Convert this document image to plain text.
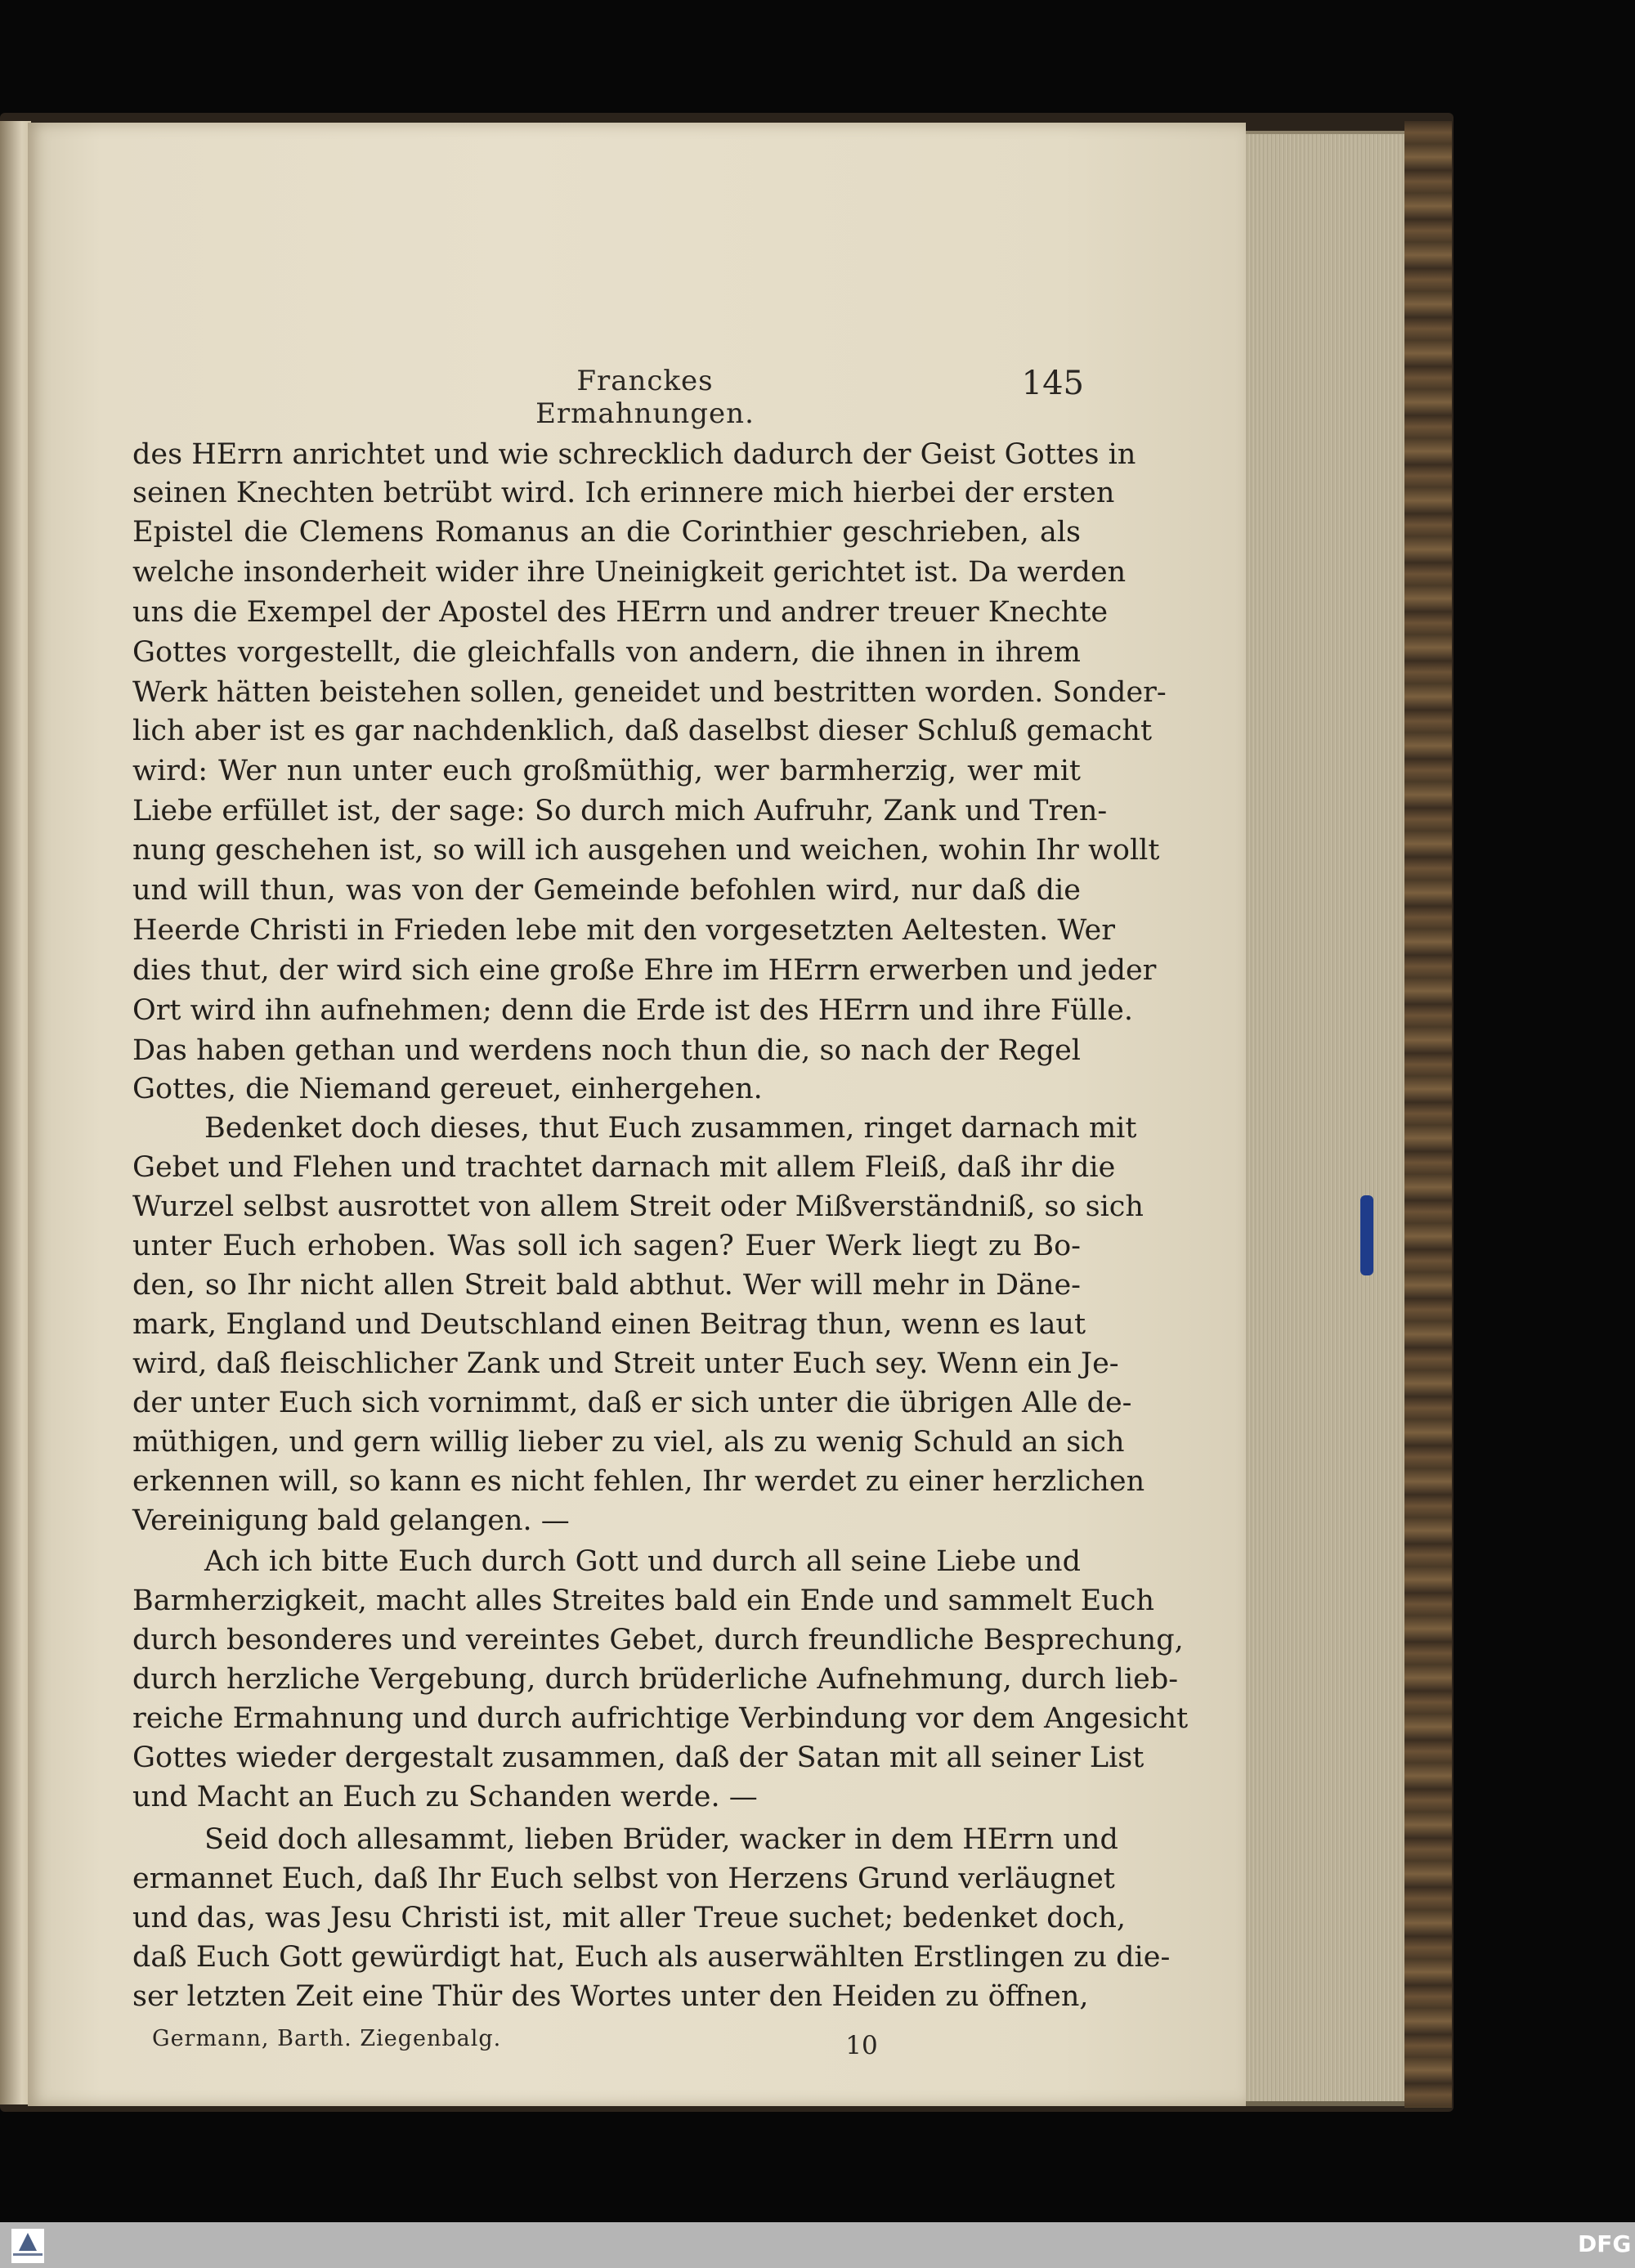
Franckes Ermahnungen.
145
des HErrn anrichtet und wie schrecklich dadurch der Geist Gottes in
seinen Knechten betrübt wird. Ich erinnere mich hierbei der ersten
Epistel die Clemens Romanus an die Corinthier geschrieben, als
welche insonderheit wider ihre Uneinigkeit gerichtet ist. Da werden
uns die Exempel der Apostel des HErrn und andrer treuer Knechte
Gottes vorgestellt, die gleichfalls von andern, die ihnen in ihrem
Werk hätten beistehen sollen, geneidet und bestritten worden. Sonder-
lich aber ist es gar nachdenklich, daß daselbst dieser Schluß gemacht
wird: Wer nun unter euch großmüthig, wer barmherzig, wer mit
Liebe erfüllet ist, der sage: So durch mich Aufruhr, Zank und Tren-
nung geschehen ist, so will ich ausgehen und weichen, wohin Ihr wollt
und will thun, was von der Gemeinde befohlen wird, nur daß die
Heerde Christi in Frieden lebe mit den vorgesetzten Aeltesten. Wer
dies thut, der wird sich eine große Ehre im HErrn erwerben und jeder
Ort wird ihn aufnehmen; denn die Erde ist des HErrn und ihre Fülle.
Das haben gethan und werdens noch thun die, so nach der Regel
Gottes, die Niemand gereuet, einhergehen.
Bedenket doch dieses, thut Euch zusammen, ringet darnach mit
Gebet und Flehen und trachtet darnach mit allem Fleiß, daß ihr die
Wurzel selbst ausrottet von allem Streit oder Mißverständniß, so sich
unter Euch erhoben. Was soll ich sagen? Euer Werk liegt zu Bo-
den, so Ihr nicht allen Streit bald abthut. Wer will mehr in Däne-
mark, England und Deutschland einen Beitrag thun, wenn es laut
wird, daß fleischlicher Zank und Streit unter Euch sey. Wenn ein Je-
der unter Euch sich vornimmt, daß er sich unter die übrigen Alle de-
müthigen, und gern willig lieber zu viel, als zu wenig Schuld an sich
erkennen will, so kann es nicht fehlen, Ihr werdet zu einer herzlichen
Vereinigung bald gelangen. —
Ach ich bitte Euch durch Gott und durch all seine Liebe und
Barmherzigkeit, macht alles Streites bald ein Ende und sammelt Euch
durch besonderes und vereintes Gebet, durch freundliche Besprechung,
durch herzliche Vergebung, durch brüderliche Aufnehmung, durch lieb-
reiche Ermahnung und durch aufrichtige Verbindung vor dem Angesicht
Gottes wieder dergestalt zusammen, daß der Satan mit all seiner List
und Macht an Euch zu Schanden werde. —
Seid doch allesammt, lieben Brüder, wacker in dem HErrn und
ermannet Euch, daß Ihr Euch selbst von Herzens Grund verläugnet
und das, was Jesu Christi ist, mit aller Treue suchet; bedenket doch,
daß Euch Gott gewürdigt hat, Euch als auserwählten Erstlingen zu die-
ser letzten Zeit eine Thür des Wortes unter den Heiden zu öffnen,
Germann, Barth. Ziegenbalg.	10
DFG
